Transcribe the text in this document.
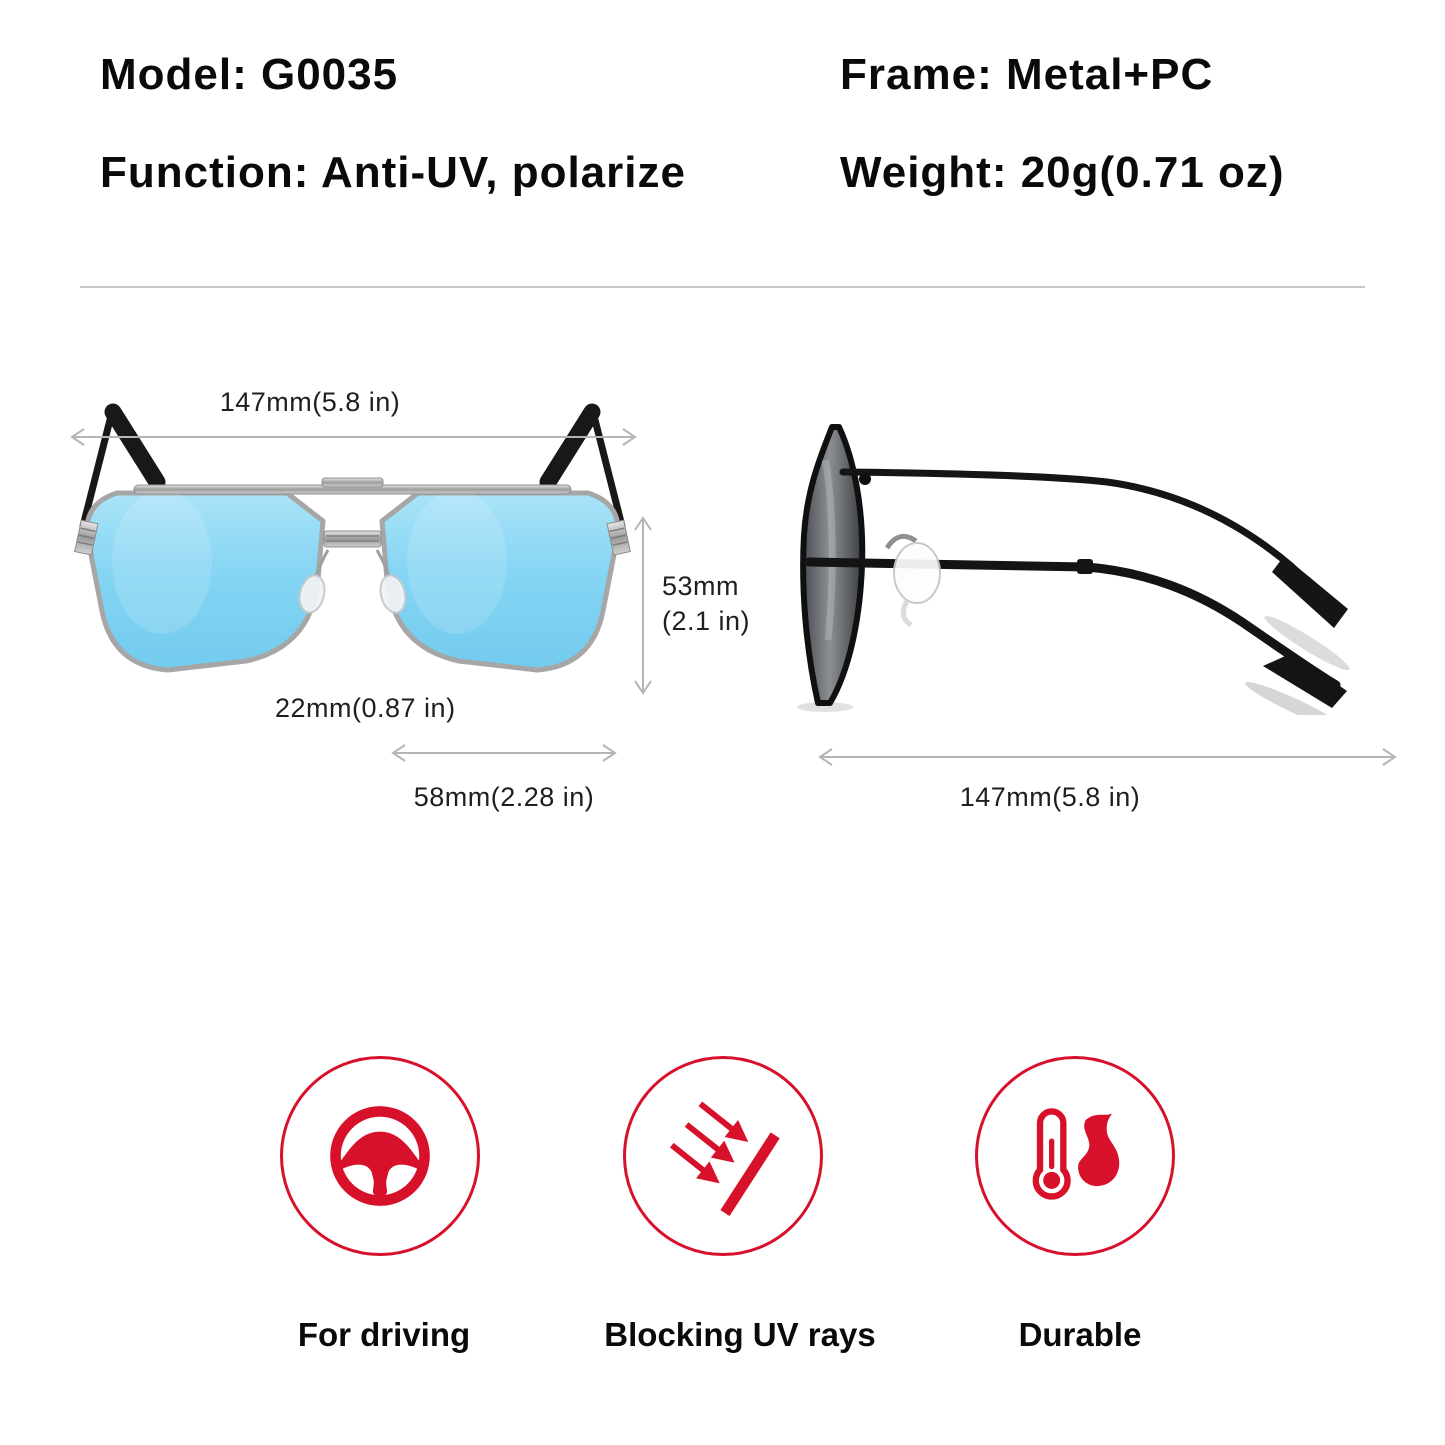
Model: G0035	Frame: Metal+PC
Function: Anti-UV, polarize	Weight: 20g(0.71 oz)
147mm(5.8 in)
53mm
(2.1 in)
22mm(0.87 in)
58mm(2.28 in)	147mm(5.8 in)
For driving	Blocking UV rays	Durable
